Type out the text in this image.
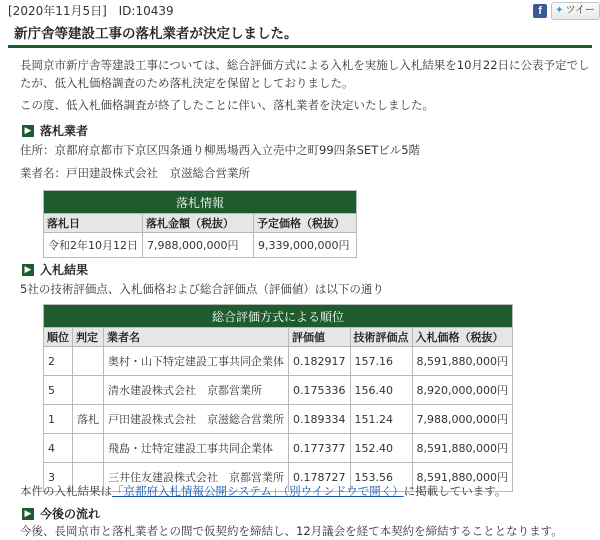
[2020年11月5日] ID:10439	f	✦ ツイー
新庁舎等建設工事の落札業者が決定しました。
長岡京市新庁舎等建設工事については、総合評価方式による入札を実施し入札結果を10月22日に公表予定でしたが、低入札価格調査のため落札決定を保留としておりました。
この度、低入札価格調査が終了したことに伴い、落札業者を決定いたしました。
▶ 落札業者
住所：京都府京都市下京区四条通り柳馬場西入立売中之町99四条SETビル5階
業者名：戸田建設株式会社　京滋総合営業所
落札情報		
落札日	落札金額（税抜）	予定価格（税抜）
令和2年10月12日	7,988,000,000円	9,339,000,000円
▶ 入札結果
5社の技術評価点、入札価格および総合評価点（評価値）は以下の通り
総合評価方式による順位					
順位	判定	業者名	評価値	技術評価点	入札価格（税抜）
2		奥村・山下特定建設工事共同企業体	0.182917	157.16	8,591,880,000円
5		清水建設株式会社　京都営業所	0.175336	156.40	8,920,000,000円
1	落札	戸田建設株式会社　京滋総合営業所	0.189334	151.24	7,988,000,000円
4		飛島・辻特定建設工事共同企業体	0.177377	152.40	8,591,880,000円
3		三井住友建設株式会社　京都営業所	0.178727	153.56	8,591,880,000円
本件の入札結果は「京都府入札情報公開システム」（別ウインドウで開く）に掲載しています。
▶ 今後の流れ
今後、長岡京市と落札業者との間で仮契約を締結し、12月議会を経て本契約を締結することとなります。
